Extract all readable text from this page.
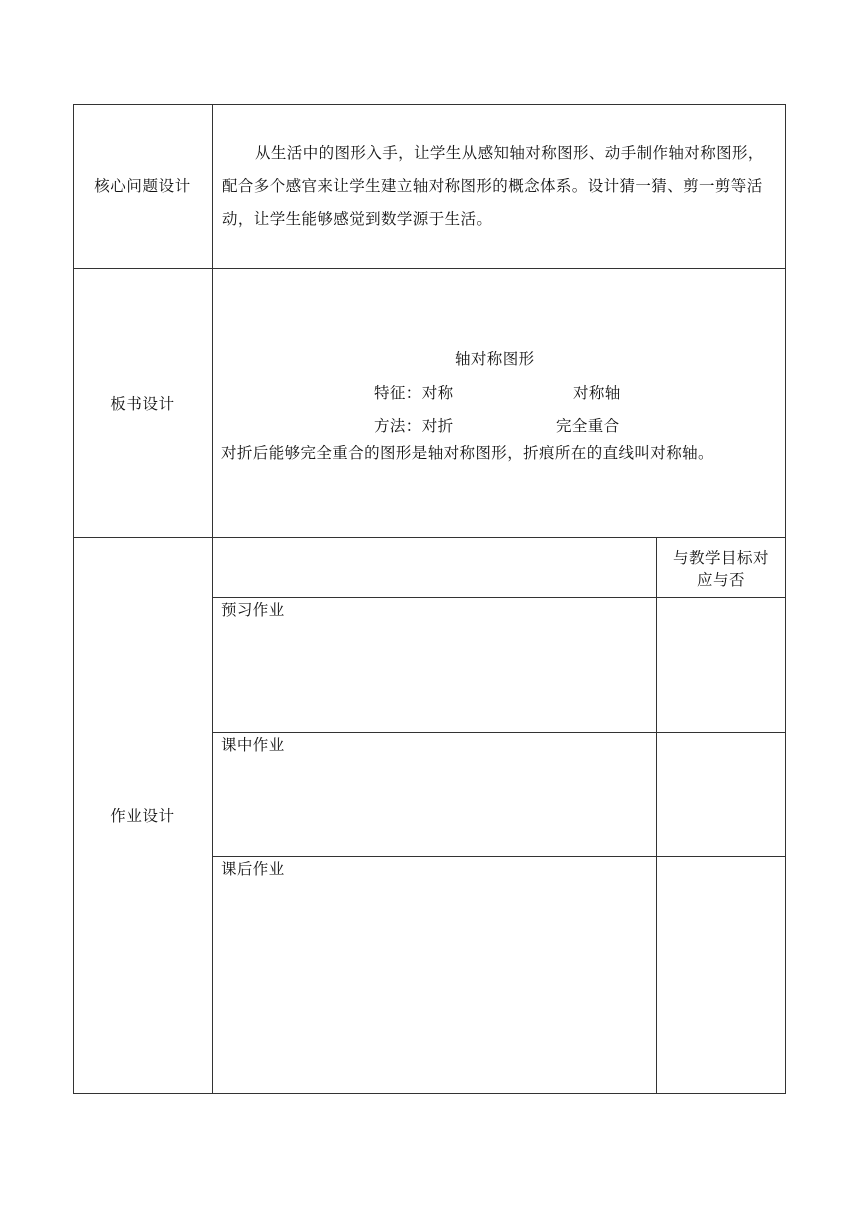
核心问题设计
从生活中的图形入手，让学生从感知轴对称图形、动手制作轴对称图形，配合多个感官来让学生建立轴对称图形的概念体系。设计猜一猜、剪一剪等活动，让学生能够感觉到数学源于生活。
板书设计
轴对称图形
特征：对称	对称轴
方法：对折	完全重合
对折后能够完全重合的图形是轴对称图形，折痕所在的直线叫对称轴。
作业设计
与教学目标对
应与否
预习作业
课中作业
课后作业
